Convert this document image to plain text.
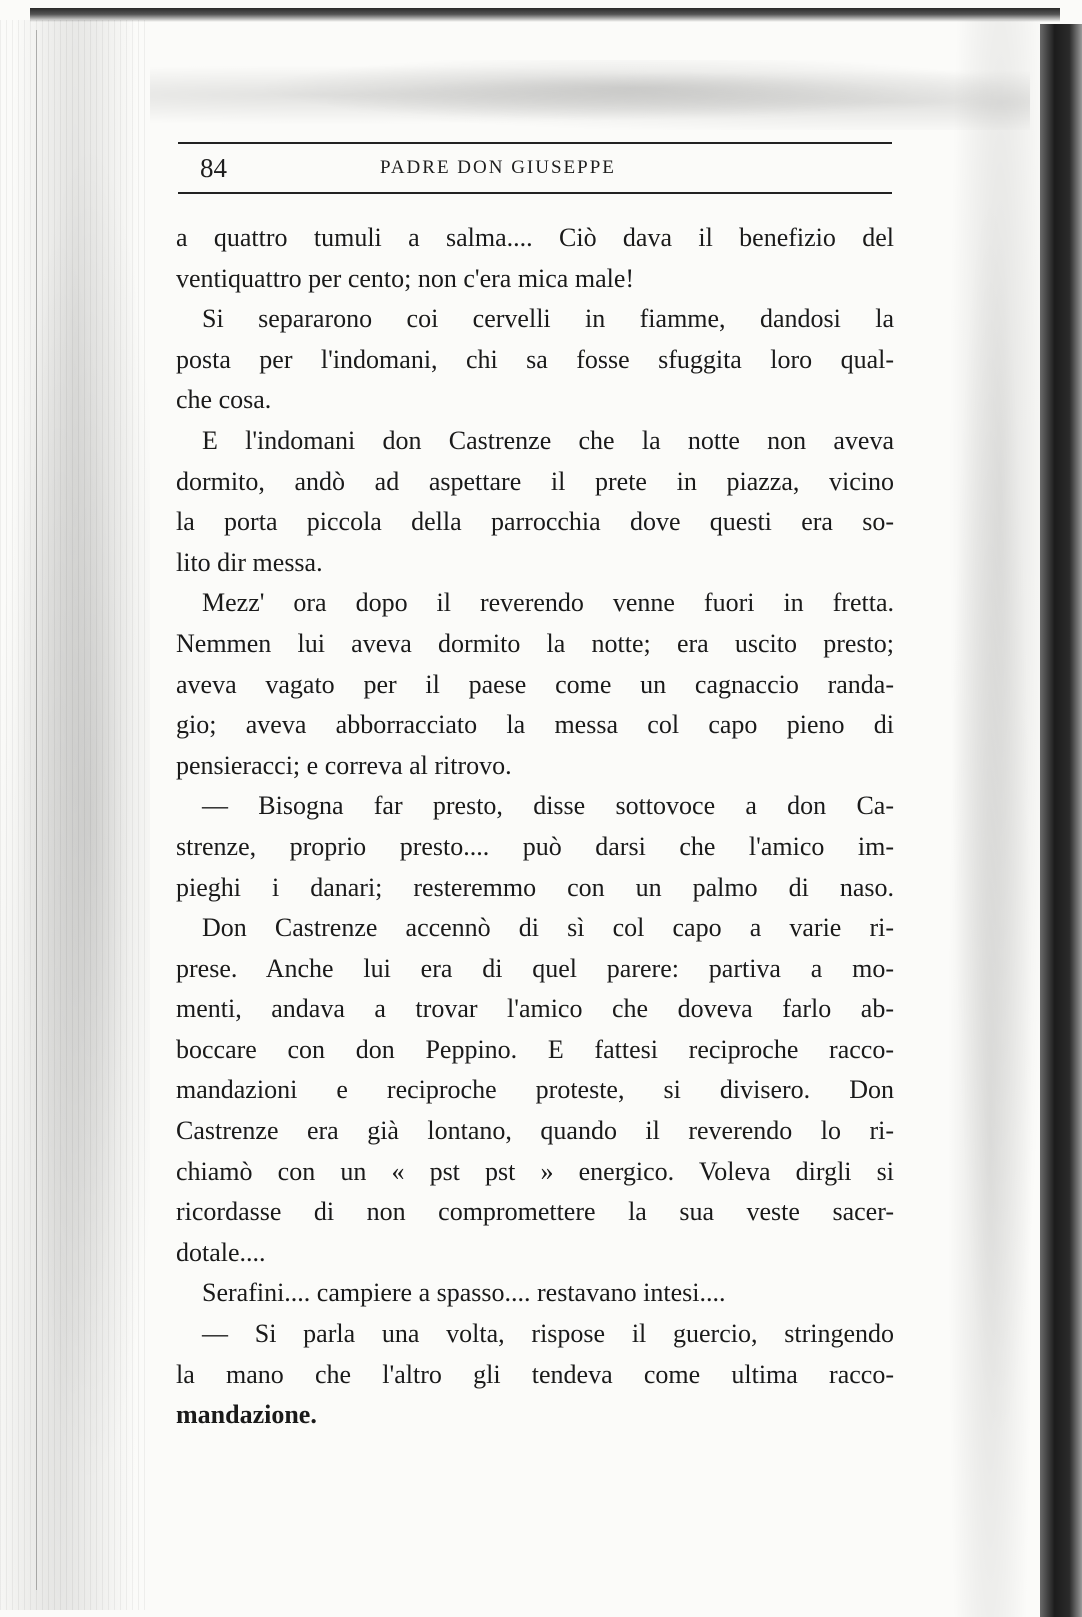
84	PADRE DON GIUSEPPE
a quattro tumuli a salma.... Ciò dava il benefizio del
ventiquattro per cento; non c'era mica male!
Si separarono coi cervelli in fiamme, dandosi la
posta per l'indomani, chi sa fosse sfuggita loro qual-
che cosa.
E l'indomani don Castrenze che la notte non aveva
dormito, andò ad aspettare il prete in piazza, vicino
la porta piccola della parrocchia dove questi era so-
lito dir messa.
Mezz' ora dopo il reverendo venne fuori in fretta.
Nemmen lui aveva dormito la notte; era uscito presto;
aveva vagato per il paese come un cagnaccio randa-
gio; aveva abborracciato la messa col capo pieno di
pensieracci; e correva al ritrovo.
— Bisogna far presto, disse sottovoce a don Ca-
strenze, proprio presto.... può darsi che l'amico im-
pieghi i danari; resteremmo con un palmo di naso.
Don Castrenze accennò di sì col capo a varie ri-
prese. Anche lui era di quel parere: partiva a mo-
menti, andava a trovar l'amico che doveva farlo ab-
boccare con don Peppino. E fattesi reciproche racco-
mandazioni e reciproche proteste, si divisero. Don
Castrenze era già lontano, quando il reverendo lo ri-
chiamò con un « pst pst » energico. Voleva dirgli si
ricordasse di non compromettere la sua veste sacer-
dotale....
Serafini.... campiere a spasso.... restavano intesi....
— Si parla una volta, rispose il guercio, stringendo
la mano che l'altro gli tendeva come ultima racco-
mandazione.
